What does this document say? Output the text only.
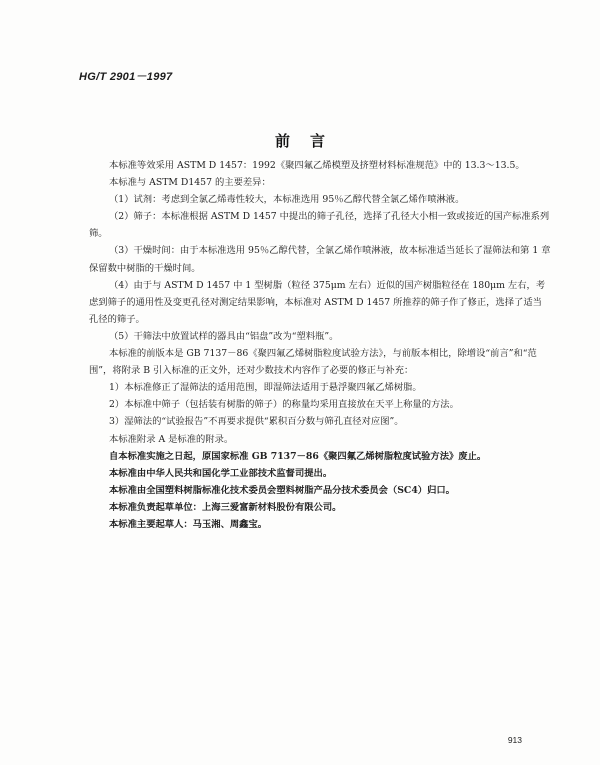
HG/T 2901－1997
前言

本标准等效采用 ASTM D 1457：1992《聚四氟乙烯模塑及挤塑材料标准规范》中的 13.3～13.5。

本标准与 ASTM D1457 的主要差异：

（1）试剂：考虑到全氯乙烯毒性较大，本标准选用 95％乙醇代替全氯乙烯作喷淋液。

（2）筛子：本标准根据 ASTM D 1457 中提出的筛子孔径，选择了孔径大小相一致或接近的国产标准系列筛。

（3）干燥时间：由于本标准选用 95％乙醇代替，全氯乙烯作喷淋液，故本标准适当延长了湿筛法和第 1 章保留数中树脂的干燥时间。

（4）由于与 ASTM D 1457 中 1 型树脂（粒径 375μm 左右）近似的国产树脂粒径在 180μm 左右，考虑到筛子的通用性及变更孔径对测定结果影响，本标准对 ASTM D 1457 所推荐的筛子作了修正，选择了适当孔径的筛子。

（5）干筛法中放置试样的器具由“铝盘”改为“塑料瓶”。

本标准的前版本是 GB 7137－86《聚四氟乙烯树脂粒度试验方法》，与前版本相比，除增设“前言”和“范围”，将附录 B 引入标准的正文外，还对少数技术内容作了必要的修正与补充：

1）本标准修正了湿筛法的适用范围，即湿筛法适用于悬浮聚四氟乙烯树脂。

2）本标准中筛子（包括装有树脂的筛子）的称量均采用直接放在天平上称量的方法。

3）湿筛法的“试验报告”不再要求提供“累积百分数与筛孔直径对应图”。

本标准附录 A 是标准的附录。

自本标准实施之日起，原国家标准 GB 7137－86《聚四氟乙烯树脂粒度试验方法》废止。

本标准由中华人民共和国化学工业部技术监督司提出。

本标准由全国塑料树脂标准化技术委员会塑料树脂产品分技术委员会（SC4）归口。

本标准负责起草单位：上海三爱富新材料股份有限公司。

本标准主要起草人：马玉湘、周鑫宝。

913
